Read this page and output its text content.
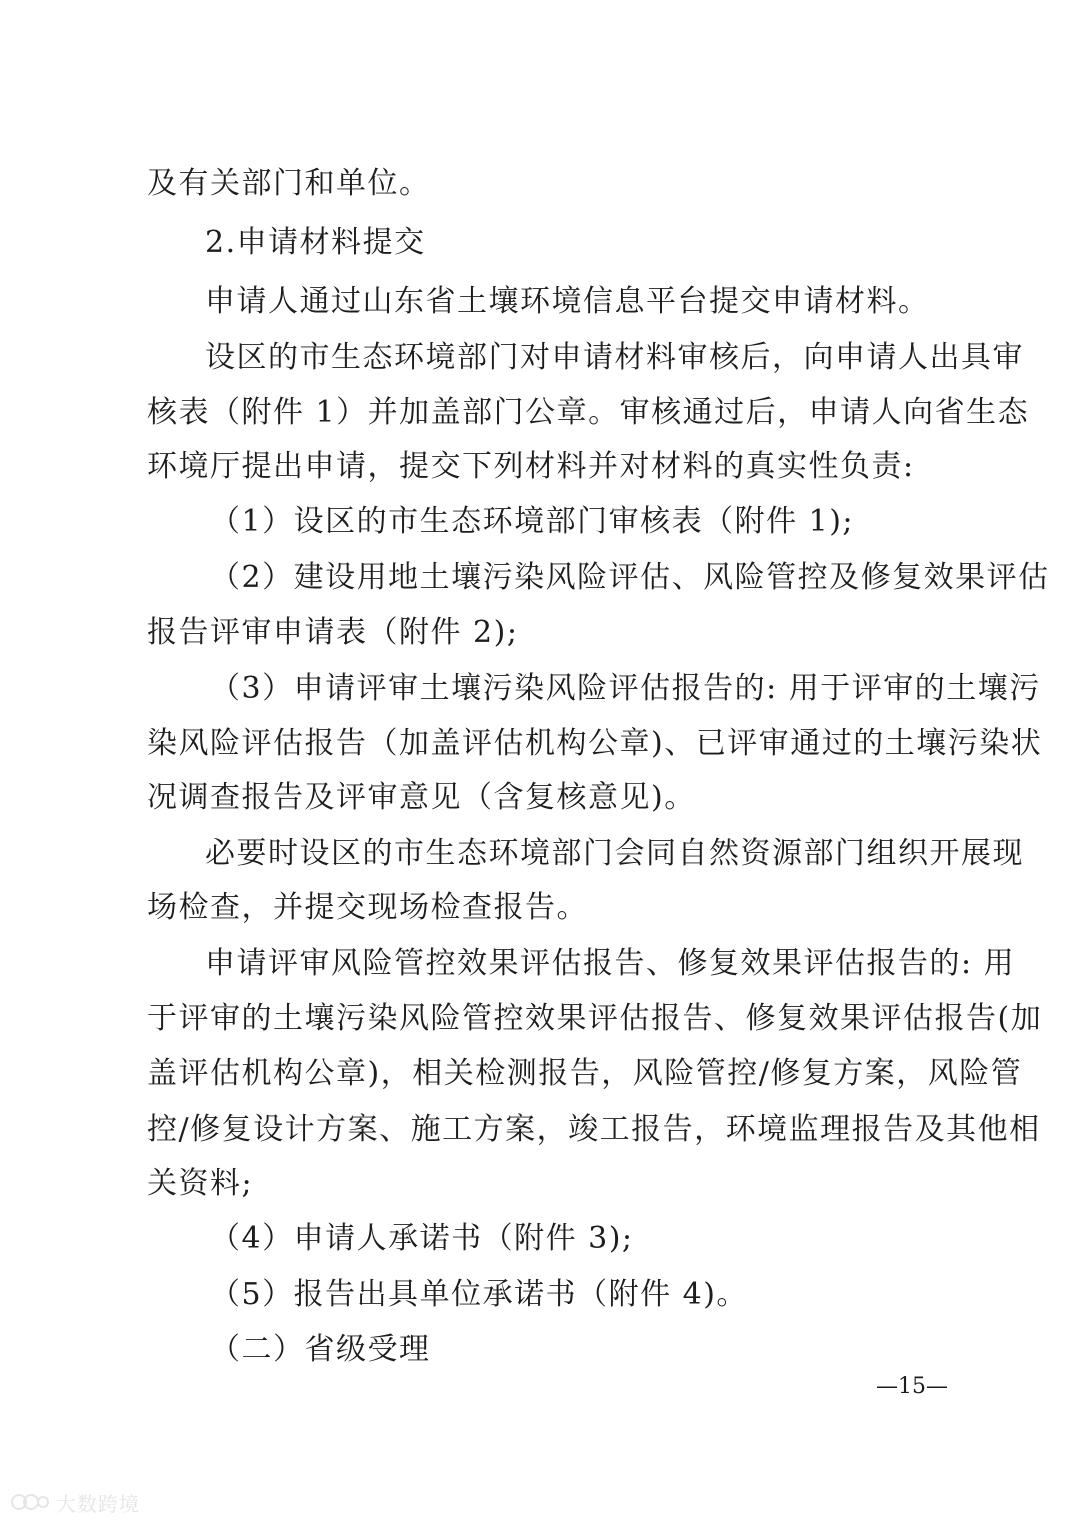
及有关部门和单位。
2.申请材料提交
申请人通过山东省土壤环境信息平台提交申请材料。
设区的市生态环境部门对申请材料审核后，向申请人出具审
核表（附件 1）并加盖部门公章。审核通过后，申请人向省生态
环境厅提出申请，提交下列材料并对材料的真实性负责:
（1）设区的市生态环境部门审核表（附件 1);
（2）建设用地土壤污染风险评估、风险管控及修复效果评估
报告评审申请表（附件 2);
（3）申请评审土壤污染风险评估报告的: 用于评审的土壤污
染风险评估报告（加盖评估机构公章)、已评审通过的土壤污染状
况调查报告及评审意见（含复核意见)。
必要时设区的市生态环境部门会同自然资源部门组织开展现
场检查，并提交现场检查报告。
申请评审风险管控效果评估报告、修复效果评估报告的: 用
于评审的土壤污染风险管控效果评估报告、修复效果评估报告(加
盖评估机构公章)，相关检测报告，风险管控/修复方案，风险管
控/修复设计方案、施工方案，竣工报告，环境监理报告及其他相
关资料;
（4）申请人承诺书（附件 3);
（5）报告出具单位承诺书（附件 4)。
（二）省级受理
—15—
大数跨境
